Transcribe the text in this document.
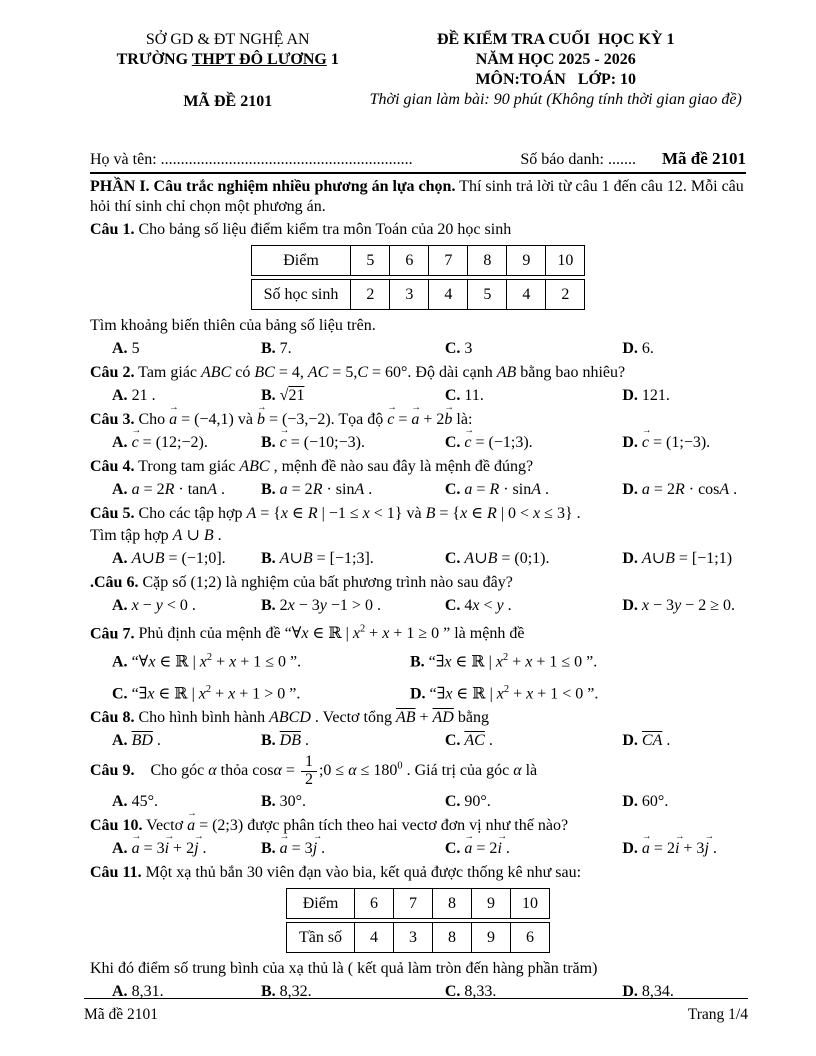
SỞ GD & ĐT NGHỆ AN
TRƯỜNG THPT ĐÔ LƯƠNG 1
MÃ ĐỀ 2101
ĐỀ KIỂM TRA CUỐI  HỌC KỲ 1
NĂM HỌC 2025 - 2026
MÔN:TOÁN   LỚP: 10
Thời gian làm bài: 90 phút (Không tính thời gian giao đề)
Họ và tên: ...............................................................	Số báo danh: ....... Mã đề 2101

PHẦN I. Câu trắc nghiệm nhiều phương án lựa chọn. Thí sinh trả lời từ câu 1 đến câu 12. Mỗi câu hỏi thí sinh chỉ chọn một phương án.

Câu 1. Cho bảng số liệu điểm kiểm tra môn Toán của 20 học sinh

Điểm	5	6	7	8	9	10
Số học sinh	2	3	4	5	4	2

Tìm khoảng biến thiên của bảng số liệu trên.

A. 5	B. 7.	C. 3	D. 6.

Câu 2. Tam giác ABC có BC = 4, AC = 5,C = 60°. Độ dài cạnh AB bằng bao nhiêu?

A. 21 .	B. √21	C. 11.	D. 121.

Câu 3. Cho → a = (−4,1) và → b = (−3,−2). Tọa độ → c = → a + 2→ b là:

A. → c = (12;−2).	B. → c = (−10;−3).	C. → c = (−1;3).	D. → c = (1;−3).

Câu 4. Trong tam giác ABC , mệnh đề nào sau đây là mệnh đề đúng?

A. a = 2R · tanA .	B. a = 2R · sinA .	C. a = R · sinA .	D. a = 2R · cosA .

Câu 5. Cho các tập hợp A = {x ∈ R | −1 ≤ x < 1} và B = {x ∈ R | 0 < x ≤ 3} .

Tìm tập hợp A ∪ B .

A. A∪B = (−1;0].	B. A∪B = [−1;3].	C. A∪B = (0;1).	D. A∪B = [−1;1)

.Câu 6. Cặp số (1;2) là nghiệm của bất phương trình nào sau đây?

A. x − y < 0 .	B. 2x − 3y −1 > 0 .	C. 4x < y .	D. x − 3y − 2 ≥ 0.

Câu 7. Phủ định của mệnh đề “∀x ∈ ℝ | $x^2 + x + 1 \ge 0$ ” là mệnh đề

A. “∀x ∈ ℝ | $x^2 + x + 1 \le 0$ ”.	B. “∃x ∈ ℝ | $x^2 + x + 1 \le 0$ ”.
C. “∃x ∈ ℝ | $x^2 + x + 1 > 0$ ”.	D. “∃x ∈ ℝ | $x^2 + x + 1 < 0$ ”.

Câu 8. Cho hình bình hành ABCD . Vectơ tổng $\overline{AB} + \overline{AD}$ bằng

A. $\overline{BD}$ .	B. $\overline{DB}$ .	C. $\overline{AC}$ .	D. $\overline{CA}$ .

Câu 9.    Cho góc α thỏa $\cos\alpha = \frac{1}{2}$ ;0 ≤ $\alpha \le 180^0$ . Giá trị của góc α là

A. 45°.	B. 30°.	C. 90°.	D. 60°.

Câu 10. Vectơ → a = (2;3) được phân tích theo hai vectơ đơn vị như thế nào?

A. → a = 3→ i + 2→ j .	B. → a = 3→ j .	C. → a = 2→ i .	D. → a = 2→ i + 3→ j .

Câu 11. Một xạ thủ bắn 30 viên đạn vào bia, kết quả được thống kê như sau:

Điểm	6	7	8	9	10
Tần số	4	3	8	9	6

Khi đó điểm số trung bình của xạ thủ là ( kết quả làm tròn đến hàng phần trăm)

A. 8,31.	B. 8,32.	C. 8,33.	D. 8,34.
Mã đề 2101	Trang 1/4
